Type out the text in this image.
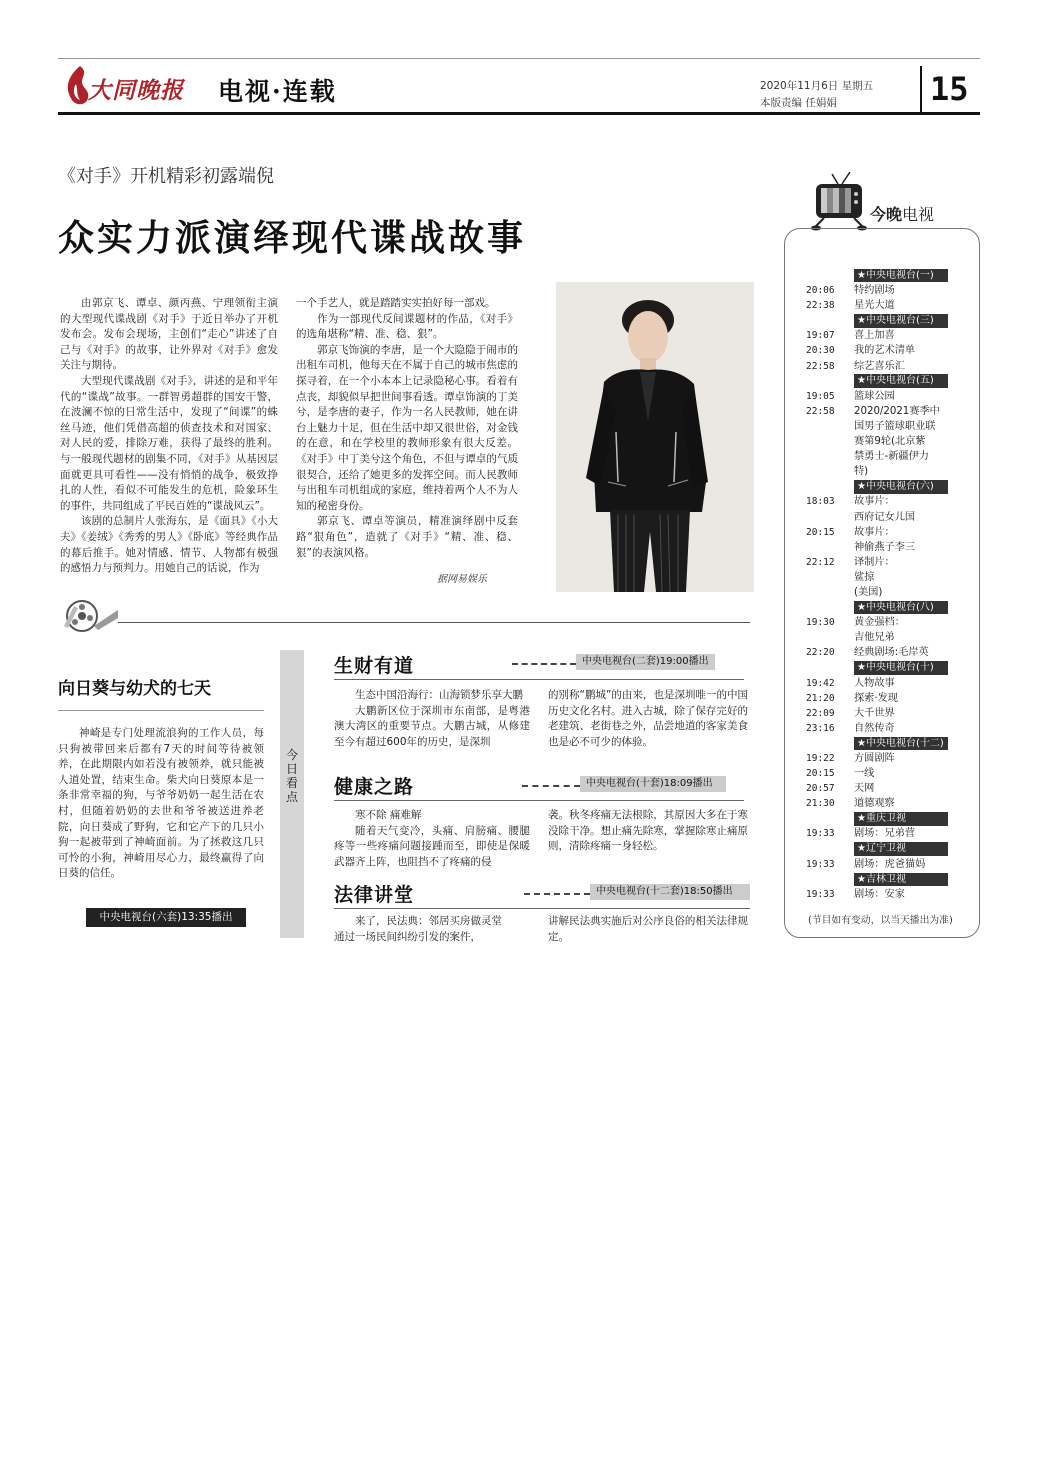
大同晚报 电视·连载	2020年11月6日 星期五
本版责编 任娟娟	15
《对手》开机精彩初露端倪
众实力派演绎现代谍战故事

由郭京飞、谭卓、颜丙燕、宁理领衔主演的大型现代谍战剧《对手》于近日举办了开机发布会。发布会现场，主创们“走心”讲述了自己与《对手》的故事，让外界对《对手》愈发关注与期待。

大型现代谍战剧《对手》，讲述的是和平年代的“谍战”故事。一群智勇超群的国安干警，在波澜不惊的日常生活中，发现了“间谍”的蛛丝马迹，他们凭借高超的侦查技术和对国家、对人民的爱，排除万难，获得了最终的胜利。与一般现代题材的剧集不同，《对手》从基因层面就更具可看性——没有悄悄的战争，极致挣扎的人性，看似不可能发生的危机，险象环生的事件，共同组成了平民百姓的“谍战风云”。

该剧的总制片人张海东，是《面具》《小大夫》《姜绒》《秀秀的男人》《卧底》等经典作品的幕后推手。她对情感、情节、人物都有极强的感悟力与预判力。用她自己的话说，作为

一个手艺人，就是踏踏实实拍好每一部戏。

作为一部现代反间谍题材的作品，《对手》的选角堪称“精、准、稳、狠”。

郭京飞饰演的李唐，是一个大隐隐于闹市的出租车司机，他每天在不属于自己的城市焦虑的探寻着，在一个小本本上记录隐秘心事。看着有点丧，却貌似早把世间事看透。谭卓饰演的丁美兮，是李唐的妻子，作为一名人民教师，她在讲台上魅力十足，但在生活中却又很世俗，对金钱的在意，和在学校里的教师形象有很大反差。《对手》中丁美兮这个角色，不但与谭卓的气质很契合，还给了她更多的发挥空间。而人民教师与出租车司机组成的家庭，维持着两个人不为人知的秘密身份。

郭京飞、谭卓等演员，精准演绎剧中反套路“狠角色”，造就了《对手》“精、准、稳、狠”的表演风格。

据网易娱乐
今晚电视
★中央电视台(一)
20:06	特约剧场
22:38	星光大道
★中央电视台(三)
19:07	喜上加喜
20:30	我的艺术清单
22:58	综艺喜乐汇
★中央电视台(五)
19:05	篮球公园
22:58	2020/2021赛季中
国男子篮球职业联
赛第9轮(北京紫
禁勇士-新疆伊力
特)
★中央电视台(六)
18:03	故事片：
西府记女儿国
20:15	故事片：
神偷燕子李三
22:12	译制片：
鲨掠
(美国)
★中央电视台(八)
19:30	黄金强档：
吉他兄弟
22:20	经典剧场:毛岸英
★中央电视台(十)
19:42	人物故事
21:20	探索·发现
22:09	大千世界
23:16	自然传奇
★中央电视台(十二)
19:22	方圆剧阵
20:15	一线
20:57	天网
21:30	道德观察
★重庆卫视
19:33	剧场：兄弟营
★辽宁卫视
19:33	剧场：虎爸猫妈
★吉林卫视
19:33	剧场：安家
(节目如有变动，以当天播出为准)
向日葵与幼犬的七天

神崎是专门处理流浪狗的工作人员，每只狗被带回来后都有7天的时间等待被领养，在此期限内如若没有被领养，就只能被人道处置，结束生命。柴犬向日葵原本是一条非常幸福的狗，与爷爷奶奶一起生活在农村，但随着奶奶的去世和爷爷被送进养老院，向日葵成了野狗，它和它产下的几只小狗一起被带到了神崎面前。为了拯救这几只可怜的小狗，神崎用尽心力，最终赢得了向日葵的信任。

中央电视台(六套)13:35播出
今日看点
生财有道	中央电视台(二套)19:00播出

生态中国沿海行：山海锁梦乐享大鹏

大鹏新区位于深圳市东南部，是粤港澳大湾区的重要节点。大鹏古城，从修建至今有超过600年的历史，是深圳

的别称“鹏城”的由来，也是深圳唯一的中国历史文化名村。进入古城，除了保存完好的老建筑、老街巷之外，品尝地道的客家美食也是必不可少的体验。

健康之路	中央电视台(十套)18:09播出

寒不除 痛难解

随着天气变冷，头痛、肩膀痛、腰腿疼等一些疼痛问题接踵而至，即使是保暖武器齐上阵，也阻挡不了疼痛的侵

袭。秋冬疼痛无法根除，其原因大多在于寒没除干净。想止痛先除寒，掌握除寒止痛原则，清除疼痛一身轻松。

法律讲堂	中央电视台(十二套)18:50播出

来了，民法典：邻居买房做灵堂

通过一场民间纠纷引发的案件，

讲解民法典实施后对公序良俗的相关法律规定。
